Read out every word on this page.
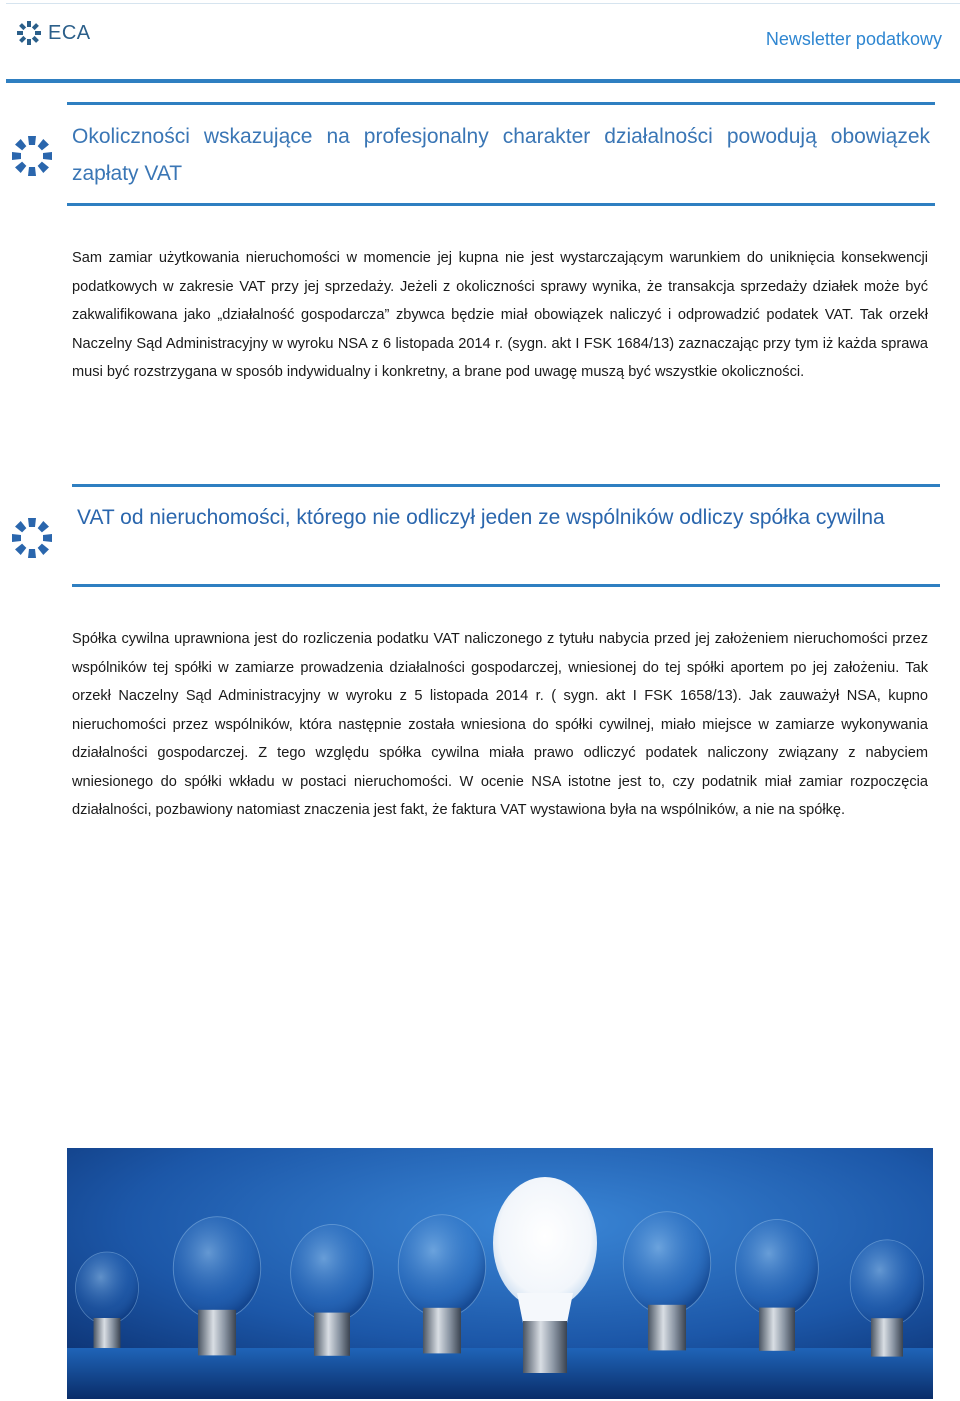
ECA	Newsletter podatkowy
Okoliczności wskazujące na profesjonalny charakter działalności powodują obowiązek zapłaty VAT

Sam zamiar użytkowania nieruchomości w momencie jej kupna nie jest wystarczającym warunkiem do uniknięcia konsekwencji podatkowych w zakresie VAT przy jej sprzedaży. Jeżeli z okoliczności sprawy wynika, że transakcja sprzedaży działek może być zakwalifikowana jako „działalność gospodarcza” zbywca będzie miał obowiązek naliczyć i odprowadzić podatek VAT. Tak orzekł Naczelny Sąd Administracyjny w wyroku NSA z 6 listopada 2014 r. (sygn. akt I FSK 1684/13) zaznaczając przy tym iż każda sprawa musi być rozstrzygana w sposób indywidualny i konkretny, a brane pod uwagę muszą być wszystkie okoliczności.

VAT od nieruchomości, którego nie odliczył jeden ze wspólników odliczy spółka cywilna

Spółka cywilna uprawniona jest do rozliczenia podatku VAT naliczonego z tytułu nabycia przed jej założeniem nieruchomości przez wspólników tej spółki w zamiarze prowadzenia działalności gospodarczej, wniesionej do tej spółki aportem po jej założeniu. Tak orzekł Naczelny Sąd Administracyjny w wyroku z 5 listopada 2014 r. ( sygn. akt I FSK 1658/13). Jak zauważył NSA, kupno nieruchomości przez wspólników, która następnie została wniesiona do spółki cywilnej, miało miejsce w zamiarze wykonywania działalności gospodarczej. Z tego względu spółka cywilna miała prawo odliczyć podatek naliczony związany z nabyciem wniesionego do spółki wkładu w postaci nieruchomości. W ocenie NSA istotne jest to, czy podatnik miał zamiar rozpoczęcia działalności, pozbawiony natomiast znaczenia jest fakt, że faktura VAT wystawiona była na wspólników, a nie na spółkę.
